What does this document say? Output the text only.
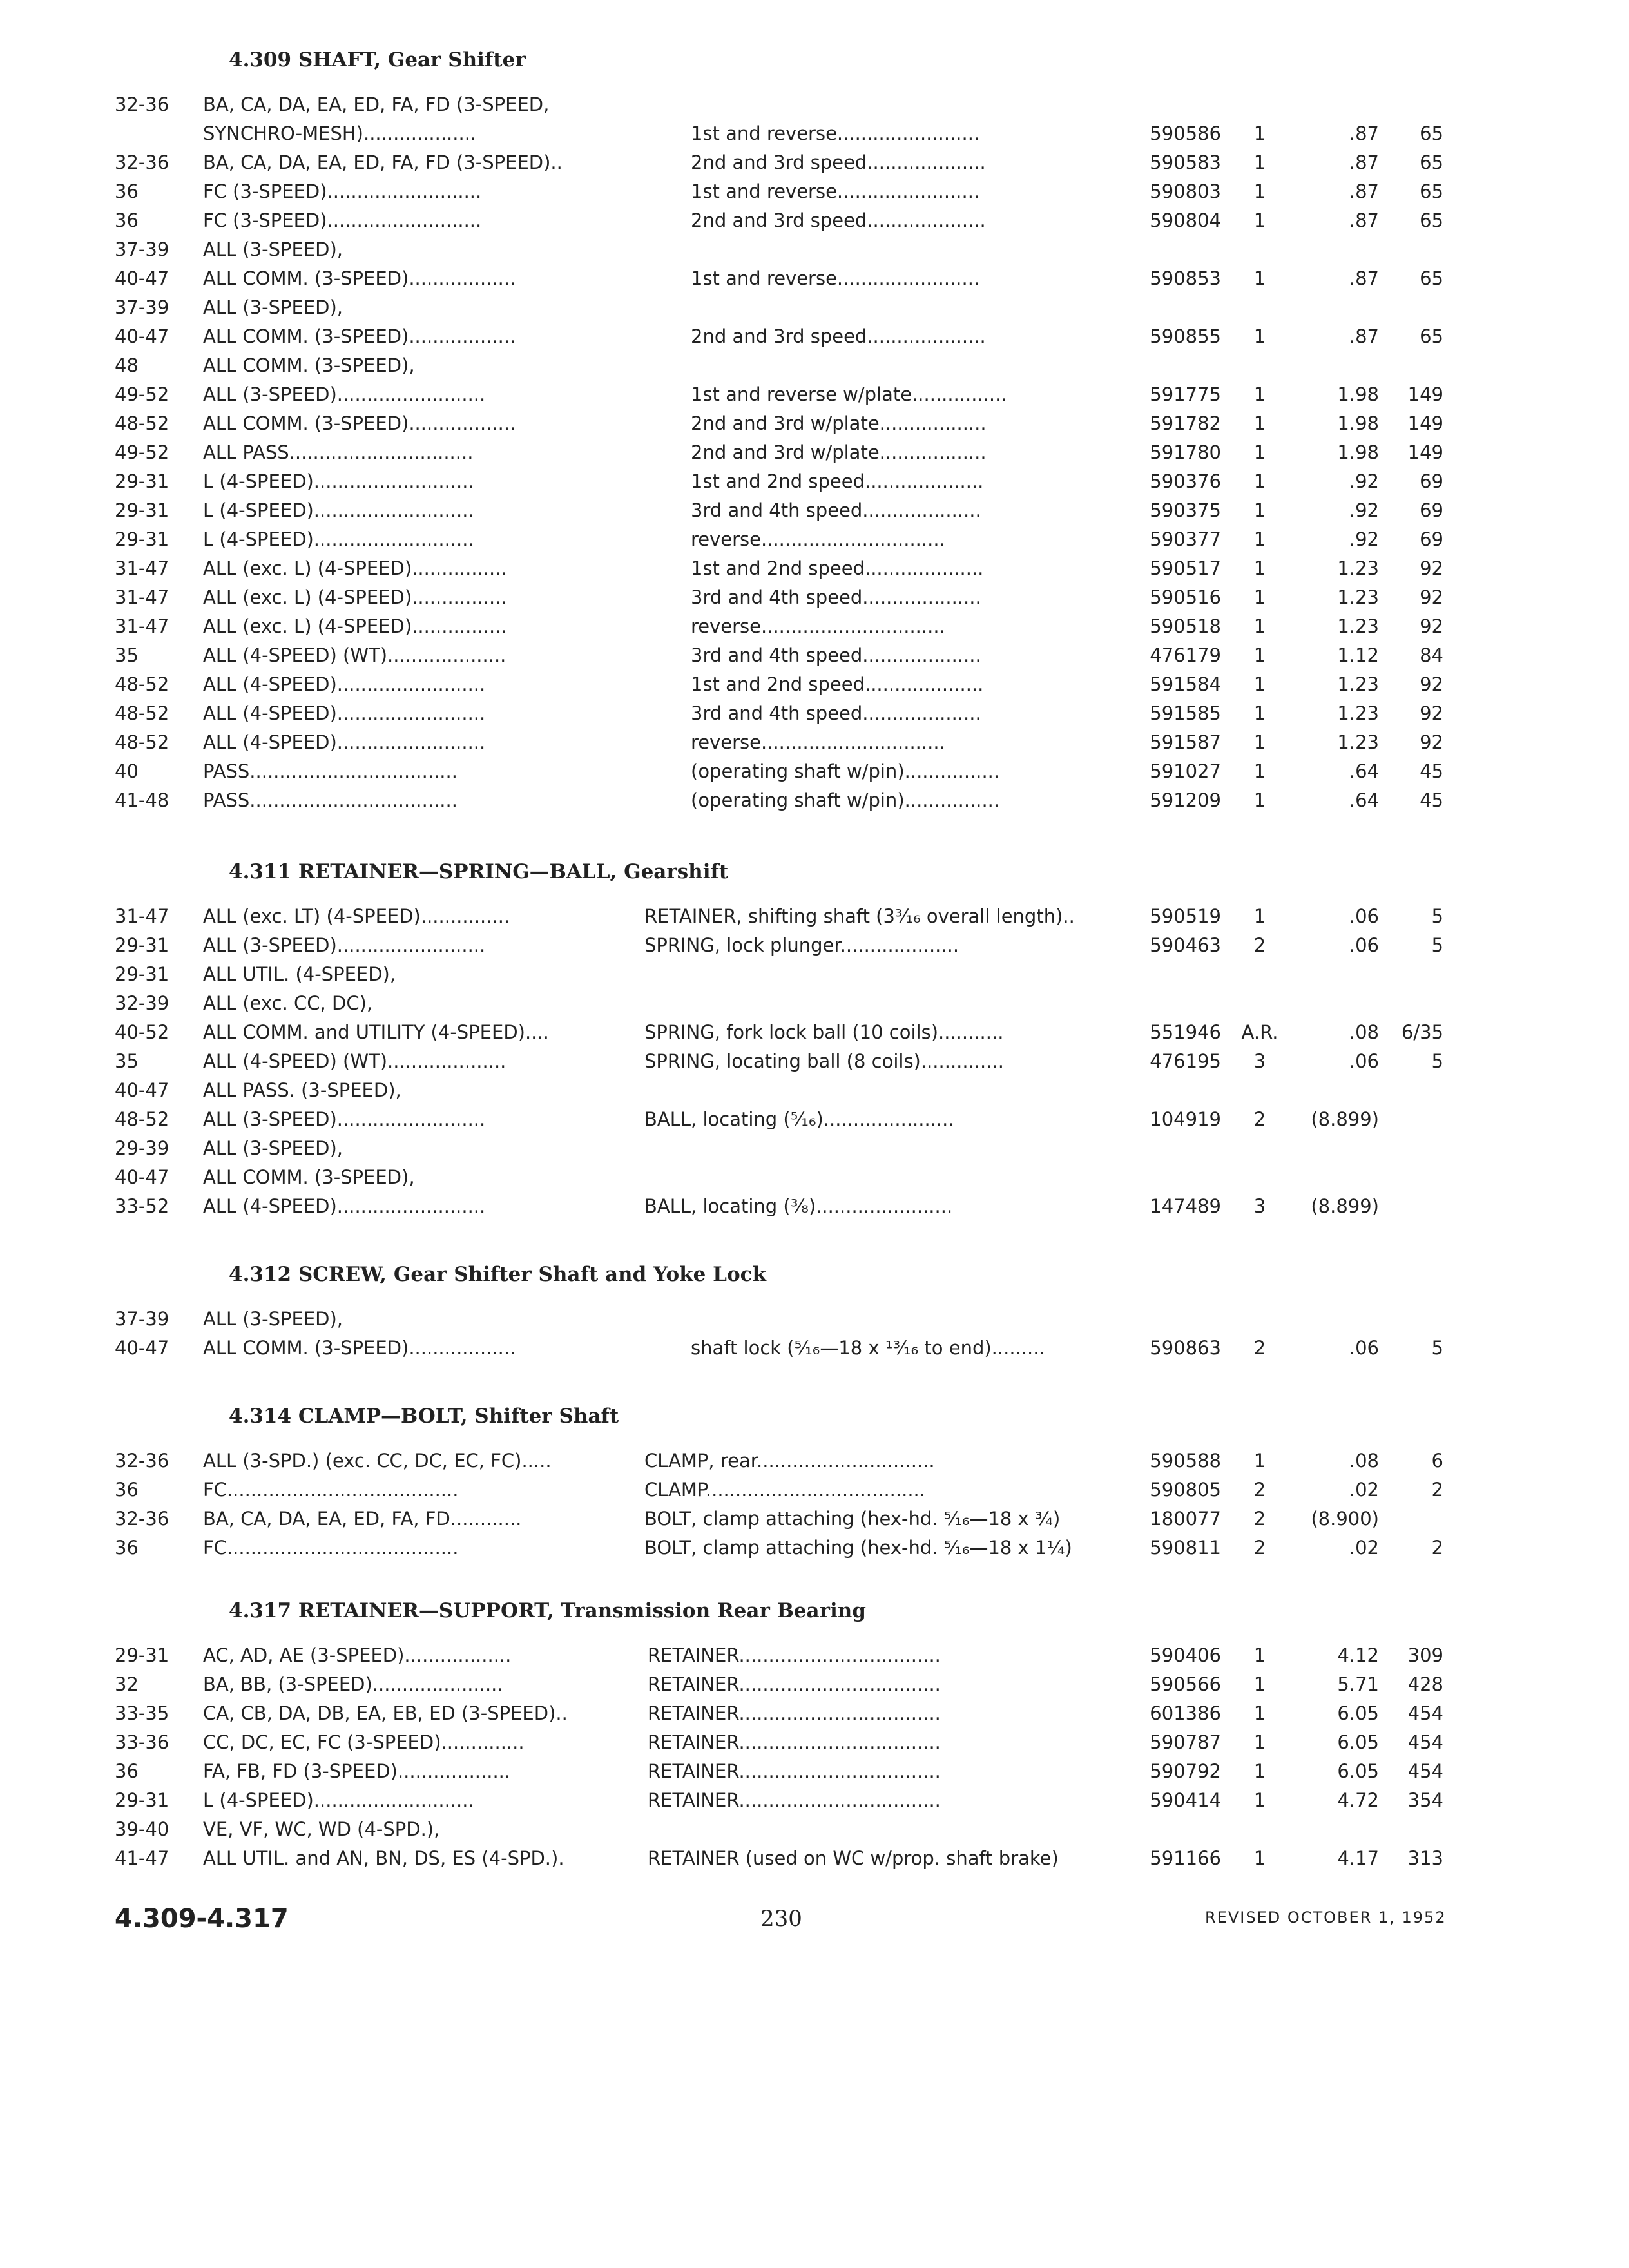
4.309 SHAFT, Gear Shifter
32-36 BA, CA, DA, EA, ED, FA, FD (3-SPEED,
SYNCHRO-MESH)...................	1st and reverse........................	590586	1	.87	65
32-36 BA, CA, DA, EA, ED, FA, FD (3-SPEED)..	2nd and 3rd speed....................	590583	1	.87	65
36	FC (3-SPEED)..........................	1st and reverse........................	590803	1	.87	65
36	FC (3-SPEED)..........................	2nd and 3rd speed....................	590804	1	.87	65
37-39 ALL (3-SPEED),
40-47 ALL COMM. (3-SPEED)..................	1st and reverse........................	590853	1	.87	65
37-39 ALL (3-SPEED),
40-47 ALL COMM. (3-SPEED)..................	2nd and 3rd speed....................	590855	1	.87	65
48	ALL COMM. (3-SPEED),
49-52 ALL (3-SPEED).........................	1st and reverse w/plate................	591775	1	1.98	149
48-52 ALL COMM. (3-SPEED)..................	2nd and 3rd w/plate..................	591782	1	1.98	149
49-52 ALL PASS...............................	2nd and 3rd w/plate..................	591780	1	1.98	149
29-31 L (4-SPEED)...........................	1st and 2nd speed....................	590376	1	.92	69
29-31 L (4-SPEED)...........................	3rd and 4th speed....................	590375	1	.92	69
29-31 L (4-SPEED)...........................	reverse...............................	590377	1	.92	69
31-47 ALL (exc. L) (4-SPEED)................	1st and 2nd speed....................	590517	1	1.23	92
31-47 ALL (exc. L) (4-SPEED)................	3rd and 4th speed....................	590516	1	1.23	92
31-47 ALL (exc. L) (4-SPEED)................	reverse...............................	590518	1	1.23	92
35	ALL (4-SPEED) (WT)....................	3rd and 4th speed....................	476179	1	1.12	84
48-52 ALL (4-SPEED).........................	1st and 2nd speed....................	591584	1	1.23	92
48-52 ALL (4-SPEED).........................	3rd and 4th speed....................	591585	1	1.23	92
48-52 ALL (4-SPEED).........................	reverse...............................	591587	1	1.23	92
40	PASS...................................	(operating shaft w/pin)................	591027	1	.64	45
41-48 PASS...................................	(operating shaft w/pin)................	591209	1	.64	45
4.311 RETAINER—SPRING—BALL, Gearshift
31-47 ALL (exc. LT) (4-SPEED)...............	RETAINER, shifting shaft (3³⁄₁₆ overall length)..	590519	1	.06	5
29-31 ALL (3-SPEED).........................	SPRING, lock plunger....................	590463	2	.06	5
29-31 ALL UTIL. (4-SPEED),
32-39 ALL (exc. CC, DC),
40-52 ALL COMM. and UTILITY (4-SPEED)....	SPRING, fork lock ball (10 coils)...........	551946 A.R.	.08	6/35
35	ALL (4-SPEED) (WT)....................	SPRING, locating ball (8 coils)..............	476195	3	.06	5
40-47 ALL PASS. (3-SPEED),
48-52 ALL (3-SPEED).........................	BALL, locating (⁵⁄₁₆)......................	104919	2	(8.899)
29-39 ALL (3-SPEED),
40-47 ALL COMM. (3-SPEED),
33-52 ALL (4-SPEED).........................	BALL, locating (³⁄₈).......................	147489	3	(8.899)
4.312 SCREW, Gear Shifter Shaft and Yoke Lock
37-39 ALL (3-SPEED),
40-47 ALL COMM. (3-SPEED)..................	shaft lock (⁵⁄₁₆—18 x ¹³⁄₁₆ to end).........	590863	2	.06	5
4.314 CLAMP—BOLT, Shifter Shaft
32-36 ALL (3-SPD.) (exc. CC, DC, EC, FC).....	CLAMP, rear..............................	590588	1	.08	6
36	FC.......................................	CLAMP.....................................	590805	2	.02	2
32-36 BA, CA, DA, EA, ED, FA, FD............	BOLT, clamp attaching (hex-hd. ⁵⁄₁₆—18 x ³⁄₄)	180077	2	(8.900)
36	FC.......................................	BOLT, clamp attaching (hex-hd. ⁵⁄₁₆—18 x 1¹⁄₄)	590811	2	.02	2
4.317 RETAINER—SUPPORT, Transmission Rear Bearing
29-31 AC, AD, AE (3-SPEED)..................	RETAINER..................................	590406	1	4.12	309
32	BA, BB, (3-SPEED)......................	RETAINER..................................	590566	1	5.71	428
33-35 CA, CB, DA, DB, EA, EB, ED (3-SPEED)..	RETAINER..................................	601386	1	6.05	454
33-36 CC, DC, EC, FC (3-SPEED)..............	RETAINER..................................	590787	1	6.05	454
36	FA, FB, FD (3-SPEED)...................	RETAINER..................................	590792	1	6.05	454
29-31 L (4-SPEED)...........................	RETAINER..................................	590414	1	4.72	354
39-40 VE, VF, WC, WD (4-SPD.),
41-47 ALL UTIL. and AN, BN, DS, ES (4-SPD.).	RETAINER (used on WC w/prop. shaft brake)	591166	1	4.17	313
4.309-4.317	230	REVISED OCTOBER 1, 1952
